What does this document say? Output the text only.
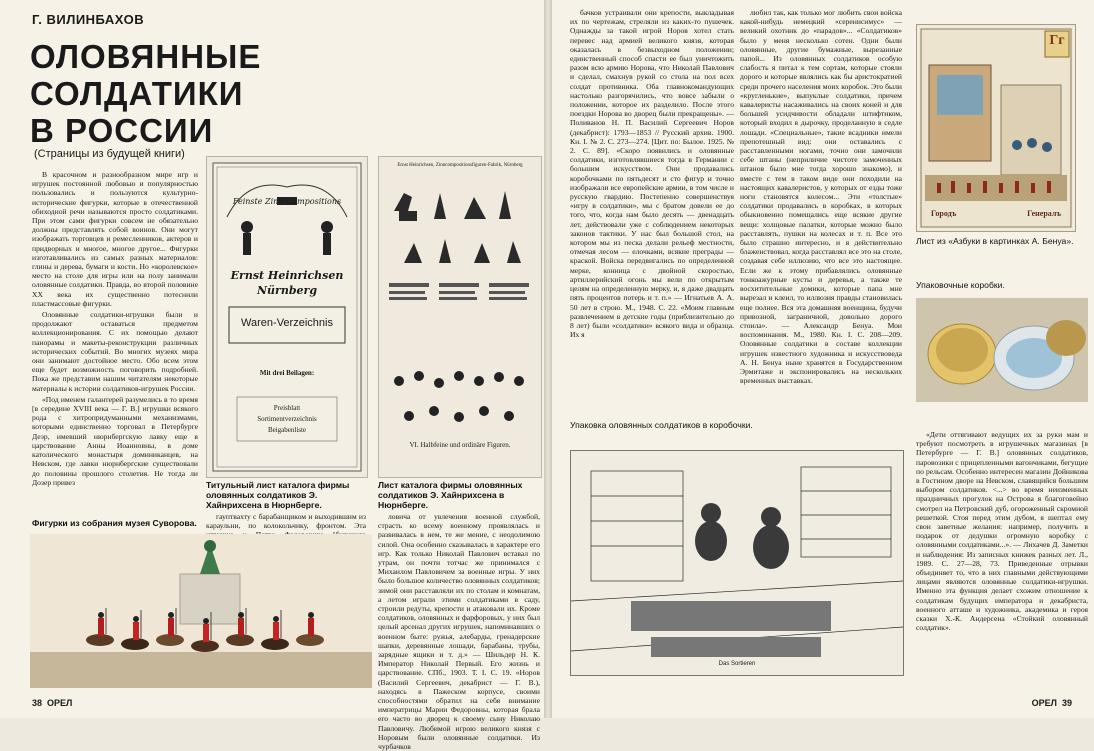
Г. ВИЛИНБАХОВ
ОЛОВЯННЫЕ СОЛДАТИКИ
В РОССИИ
(Страницы из будущей книги)

В красочном и разнообразном мире игр и игрушек постоянной любовью и популярностью пользовались и пользуются культурно-исторические фигурки, которые в отечественной обиходной речи называются просто солдатиками. При этом сами фигурки совсем не обязательно должны представлять собой воинов. Они могут изображать торговцев и ремесленников, актеров и придворных и многое, многое другое... Фигурки изготавливались из самых разных материалов: глины и дерева, бумаги и кости. Но «королевское» место на столе для игры или на полу занимали оловянные солдатики. Правда, во второй половине XX века их существенно потеснили пластмассовые фигурки.

Оловянные солдатики-игрушки были и продолжают оставаться предметом коллекционирования. С их помощью делают панорамы и макеты-реконструкции различных исторических событий. Во многих музеях мира они занимают достойное место. Обо всем этом еще будет возможность поговорить подробней. Пока же представим нашим читателям некоторые материалы к истории солдатиков-игрушек России.

«Под именем галантерей разумелись в то время [в середине XVIII века — Г. В.] игрушки всякого рода с хитропридуманными механизмами, которыми единственно торговал в Петербурге Деэр, имевший нюрнбергскую лавку еще в царствование Анны Иоанновны, в доме католического монастыря доминиканцев, на Невском, где лавки нюрнбергские существовали до половины прошлого столетия. Не тогда ли Дозер привез

Feinste Zinn-Compositions
Ernst Heinrichsen
Nürnberg
Waren-Verzeichnis
Mit drei Beilagen:
Preisblatt
Sortimentverzeichnis
Beigabenliste
Ernst Heinrichsen, Zinncompositionsfiguren-Fabrik, Nürnberg
VI. Halbfeine und ordinäre Figuren.
Титульный лист каталога фирмы оловянных солдатиков Э. Хайнрихсена в Нюрнберге.
Лист каталога фирмы оловянных солдатиков Э. Хайнрихсена в Нюрнберге.

гауптвахту с барабанщиком и выходившим из караульни, по колокольчику, фронтом. Эта

ловича от увлечения военной службой, страсть ко всему военному проявлялась и развивалась в нем, те же мение, с неодолимою силой. Она особенно сказывалась в характере его игр. Как только Николай Павлович вставал по утрам, он почти тотчас же принимался с Михаилом Павловичем за военные игры. У них было большое количество оловянных солдатиков; зимой они расставляли их по столам и комнатам, а летом играли этими солдатиками в саду, строили редуты, крепости и атаковали их. Кроме солдатиков, оловянных и фарфоровых, у них был целый арсенал других игрушек, напоминавших о военном быте: ружья, алебарды, гренадерские шапки, деревянные лошади, барабаны, трубы, зарядные ящики и т. д.» — Шильдер Н. К. Император Николай Первый. Его жизнь и царствование. СПб., 1903. Т. I. С. 19. «Норов (Василий Сергеевич, декабрист — Г. В.), находясь в Пажеском корпусе, своими способностями обратил на себя внимание императрицы Марии Федоровны, которая брала его часто во дворец к своему сыну Николаю Павловичу. Любимой игрою великого князя с Норовым были оловянные солдатики. Из чурбачков

Фигурки из собрания музея Суворова.
38 ОРЕЛ

бачков устраивали они крепости, выкладывая их по чертежам, стреляли из каких-то пушечек. Однажды за такой игрой Норов хотел стать перевес над армией великого князя, которая оказалась в безвыходном положении; единственный способ спасти ее был уничтожить разом всю армию Норова, что Николай Павлович и сделал, смахнув рукой со стола на пол всех солдат противника. Оба главнокомандующих настолько разгорячились, что вовсе забыли о положении, которое их разделило. После этого поездки Норова во дворец были прекращены». — Поливанов Н. П. Василий Сергеевич Норов (декабрист): 1793—1853 // Русский архив. 1900. Кн. I. № 2. С. 273—274. [Цит. по: Былое. 1925. № 2. С. 89]. «Скоро появились и оловянные солдатики, изготовлявшиеся тогда в Германии с большим искусством. Они продавались коробочками по пятьдесят и сто фигур и точно изображали все европейские армии, в том числе и русскую гвардию. Постепенно совершенствуя «игру в солдатики», мы с братом довели ее до того, что, когда нам было десять — двенадцать лет, действовали уже с соблюдением некоторых законов тактики. У нас был большой стол, на котором мы из песка делали рельеф местности, отмечая лесом — елочками, всякие преграды — краской. Войска передвигались по определенной мерке, конница с двойной скоростью, артиллерийский огонь мы вели по открытым целям на определенную мерку, и, я даже двадцать пять процентов потерь и т. п.» — Игнатьев А. А. 50 лет в строю. М., 1948. С. 22. «Моим главным развлечением в детские годы (приблизительно до 8 лет) были «солдатики» всякого вида и образца. Их я

любил так, как только мог любить свои войска какой-нибудь немецкий «серенисимус» — великий охотник до «парадов»... «Солдатиков» было у меня несколько сотен. Одни были оловянные, другие бумажные, вырезанные папой... Из оловянных солдатиков особую слабость я питал к тем сортам, которые стояли дорого и которые являлись как бы аристократией среди прочего населения моих коробок. Это были «кругленькие», выпуклые солдатики, причем кавалеристы насаживались на своих коней и для большей усидчивости обладали штифтиком, который входил в дырочку, проделанную в седле лошади. «Специальные», такие всадники имели препотешный вид: они оставались с расставленными ногами, точно они замочили себе штаны (неприличие чистоте замоченных штанов было мне тогда хорошо знакомо), и вместе с тем в таком виде они походили на настоящих кавалеристов, у которых от езды тоже ноги становятся колесом... Эти «толстые» солдатики продавались в коробках, в которых обыкновенно помещались еще всякие другие вещи: холщовые палатки, которые можно было расставлять, пушки на колесах и т. п. Все это было страшно интересно, и я действительно блаженствовал, когда расставлял все это на столе, создавая себе иллюзию, что все это настоящее. Если же к этому прибавлялись оловянные тонкоажурные кусты и деревья, а также те восхитительные домики, которые папа мне вырезал и клеил, то иллюзия правды становилась еще полнее. Вся эта домашняя военщина, будучи привозной, заграничной, довольно дорого стоила». — Александр Бенуа. Мои воспоминания. М., 1980. Кн. I. С. 208—209. Оловянные солдатики в составе коллекции игрушек известного художника и искусствоведа А. Н. Бенуа ныне хранятся в Государственном Эрмитаже и экспонировались на нескольких временных выставках.

Гг
Городъ	Генералъ
Лист из «Азбуки в картинках А. Бенуа».
Упаковочные коробки.
Упаковка оловянных солдатиков в коробочки.
Das Sortieren

«Дети оттягивают ведущих их за руки мам и требуют посмотреть в игрушечных магазинах [в Петербурге — Г. В.] оловянных солдатиков, паровозики с прицепленными вагончиками, бегущие по рельсам. Особенно интересен магазин Дойникова в Гостином дворе на Невском, славящийся большим выбором солдатиков. <...> во время неизменных праздничных прогулок на Острова я благоговейно смотрел на Петровский дуб, огороженный скромной решеткой. Стоя перед этим дубом, я шептал ему свои заветные желания: например, получить в подарок от дедушки огромную коробку с оловянными солдатиками...». — Лихачев Д. Заметки и наблюдения: Из записных книжек разных лет. Л., 1989. С. 27—28, 73. Приведенные отрывки объединяет то, что в них главными действующими лицами являются оловянные солдатики-игрушки. Именно эта функция делает схожим отношение к солдатикам будущих императора и декабриста, военного атташе и художника, академика и героя сказки Х.-К. Андерсена «Стойкий оловянный солдатик».

ОРЕЛ 39
